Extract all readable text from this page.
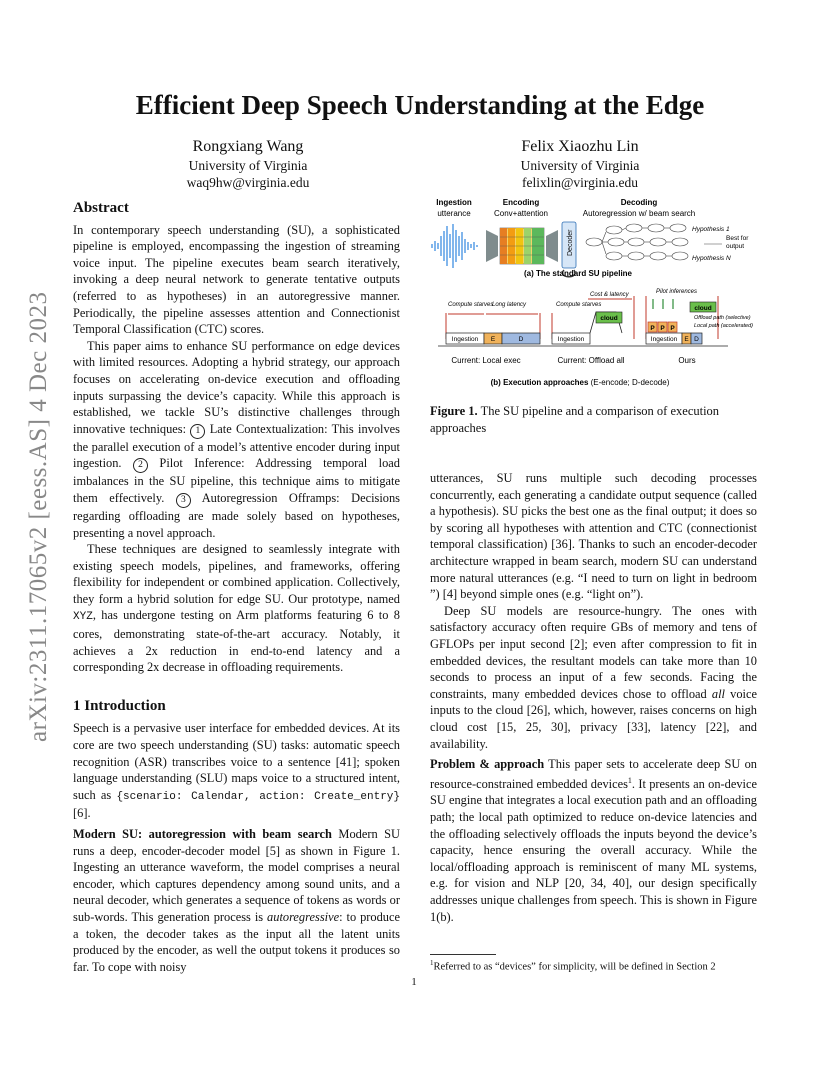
arXiv:2311.17065v2 [eess.AS] 4 Dec 2023
Efficient Deep Speech Understanding at the Edge
Rongxiang Wang
University of Virginia
waq9hw@virginia.edu
Felix Xiaozhu Lin
University of Virginia
felixlin@virginia.edu
Abstract

In contemporary speech understanding (SU), a sophisticated pipeline is employed, encompassing the ingestion of streaming voice input. The pipeline executes beam search iteratively, invoking a deep neural network to generate tentative outputs (referred to as hypotheses) in an autoregressive manner. Periodically, the pipeline assesses attention and Connectionist Temporal Classification (CTC) scores.

This paper aims to enhance SU performance on edge devices with limited resources. Adopting a hybrid strategy, our approach focuses on accelerating on-device execution and offloading inputs surpassing the device’s capacity. While this approach is established, we tackle SU’s distinctive challenges through innovative techniques: 1 Late Contextualization: This involves the parallel execution of a model’s attentive encoder during input ingestion. 2 Pilot Inference: Addressing temporal load imbalances in the SU pipeline, this technique aims to mitigate them effectively. 3 Autoregression Offramps: Decisions regarding offloading are made solely based on hypotheses, presenting a novel approach.

These techniques are designed to seamlessly integrate with existing speech models, pipelines, and frameworks, offering flexibility for independent or combined application. Collectively, they form a hybrid solution for edge SU. Our prototype, named XYZ, has undergone testing on Arm platforms featuring 6 to 8 cores, demonstrating state-of-the-art accuracy. Notably, it achieves a 2x reduction in end-to-end latency and a corresponding 2x decrease in offloading requirements.

1 Introduction

Speech is a pervasive user interface for embedded devices. At its core are two speech understanding (SU) tasks: automatic speech recognition (ASR) transcribes voice to a sentence [41]; spoken language understanding (SLU) maps voice to a structured intent, such as {scenario: Calendar, action: Create_entry} [6].

Modern SU: autoregression with beam search Modern SU runs a deep, encoder-decoder model [5] as shown in Figure 1. Ingesting an utterance waveform, the model comprises a neural encoder, which captures dependency among sound units, and a neural decoder, which generates a sequence of tokens as words or sub-words. This generation process is autoregressive: to produce a token, the decoder takes as the input all the latent units produced by the encoder, as well the output tokens it produces so far. To cope with noisy

Ingestion
utterance
Encoding
Conv+attention
Decoding
Autoregression w/ beam search
Decoder
Hypothesis 1
Best for
output
Hypothesis N
(a) The standard SU pipeline
Compute starves
Long latency	Compute starves
Cost & latency	Pilot inferences
Ingestion E	D	Ingestion
cloud
P P P
cloud
Offload path (selective)
Local path (accelerated)
Ingestion E D
Current: Local exec	Current: Offload all	Ours
(b) Execution approaches (E-encode; D-decode)
Figure 1. The SU pipeline and a comparison of execution approaches

utterances, SU runs multiple such decoding processes concurrently, each generating a candidate output sequence (called a hypothesis). SU picks the best one as the final output; it does so by scoring all hypotheses with attention and CTC (connectionist temporal classification) [36]. Thanks to such an encoder-decoder architecture wrapped in beam search, modern SU can understand more natural utterances (e.g. “I need to turn on light in bedroom ”) [4] beyond simple ones (e.g. “light on”).

Deep SU models are resource-hungry. The ones with satisfactory accuracy often require GBs of memory and tens of GFLOPs per input second [2]; even after compression to fit in embedded devices, the resultant models can take more than 10 seconds to process an input of a few seconds. Facing the constraints, many embedded devices chose to offload all voice inputs to the cloud [26], which, however, raises concerns on high cloud cost [15, 25, 30], privacy [33], latency [22], and availability.

Problem & approach This paper sets to accelerate deep SU on resource-constrained embedded devices$^1$. It presents an on-device SU engine that integrates a local execution path and an offloading path; the local path optimized to reduce on-device latencies and the offloading selectively offloads the inputs beyond the device’s capacity, hence ensuring the overall accuracy. While the local/offloading approach is reminiscent of many ML systems, e.g. for vision and NLP [20, 34, 40], our design specifically addresses unique challenges from speech. This is shown in Figure 1(b).

$^1$Referred to as “devices” for simplicity, will be defined in Section 2
1
